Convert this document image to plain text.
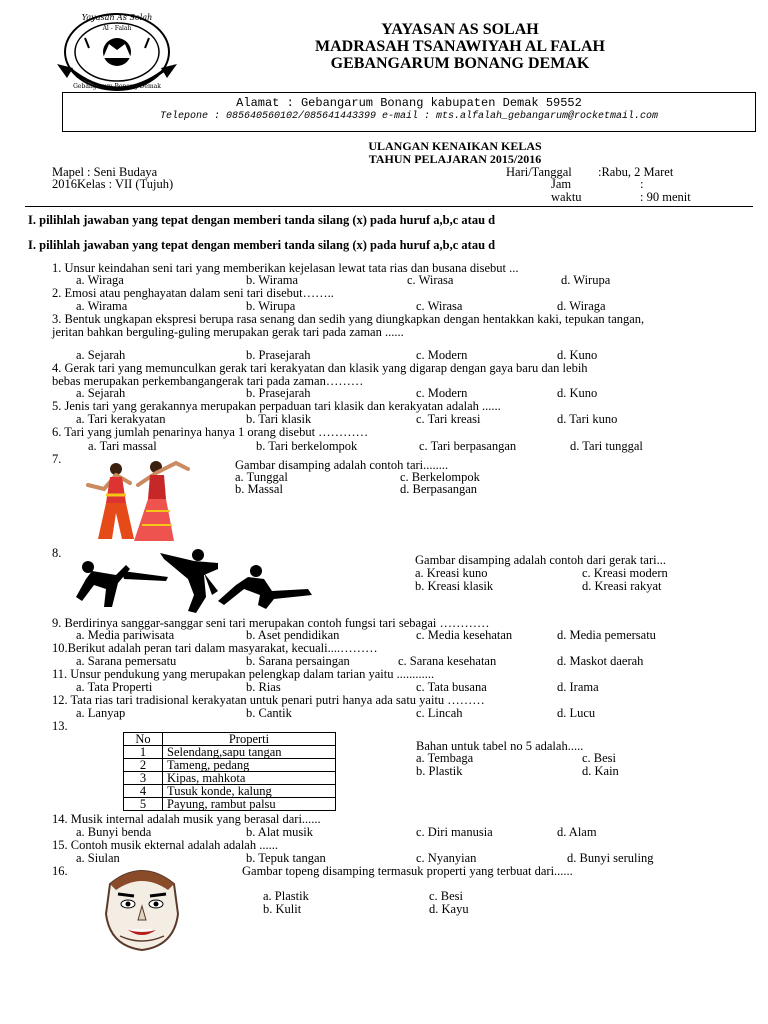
Yayasan As Solah
Al - Falah
Gebangarum Bonang Demak
YAYASAN AS SOLAH
MADRASAH TSANAWIYAH AL FALAH
GEBANGARUM BONANG DEMAK
Alamat : Gebangarum Bonang kabupaten Demak 59552
Telepone : 085640560102/085641443399 e-mail : mts.alfalah_gebangarum@rocketmail.com
ULANGAN KENAIKAN KELAS
TAHUN PELAJARAN 2015/2016
Mapel : Seni Budaya
2016Kelas : VII (Tujuh)
Hari/Tanggal :Rabu, 2 Maret
Jam	:
waktu	: 90 menit
I. pilihlah jawaban yang tepat dengan memberi tanda silang (x) pada huruf a,b,c atau d
I. pilihlah jawaban yang tepat dengan memberi tanda silang (x) pada huruf a,b,c atau d
1. Unsur keindahan seni tari yang memberikan kejelasan lewat tata rias dan busana disebut ...
a. Wiraga	b. Wirama	c. Wirasa	d. Wirupa
2. Emosi atau penghayatan dalam seni tari disebut……..
a. Wirama	b. Wirupa	c. Wirasa	d. Wiraga
3. Bentuk ungkapan ekspresi berupa rasa senang dan sedih yang diungkapkan dengan hentakkan kaki, tepukan tangan,
jeritan bahkan berguling-guling merupakan gerak tari pada zaman ......
a. Sejarah	b. Prasejarah	c. Modern	d. Kuno
4. Gerak tari yang memunculkan gerak tari kerakyatan dan klasik yang digarap dengan gaya baru dan lebih
bebas merupakan perkembangangerak tari pada zaman………
a. Sejarah	b. Prasejarah	c. Modern	d. Kuno
5. Jenis tari yang gerakannya merupakan perpaduan tari klasik dan kerakyatan adalah ......
a. Tari kerakyatan	b. Tari klasik	c. Tari kreasi	d. Tari kuno
6. Tari yang jumlah penarinya hanya 1 orang disebut …………
a. Tari massal	b. Tari berkelompok	c. Tari berpasangan	d. Tari tunggal
7.	Gambar disamping adalah contoh tari........
a. Tunggal
b. Massal
c. Berkelompok
d. Berpasangan
8.	Gambar disamping adalah contoh dari gerak tari...
a. Kreasi kuno
b. Kreasi klasik
c. Kreasi modern
d. Kreasi rakyat
9. Berdirinya sanggar-sanggar seni tari merupakan contoh fungsi tari sebagai …………
a. Media pariwisata	b. Aset pendidikan	c. Media kesehatan	d. Media pemersatu
10.Berikut adalah peran tari dalam masyarakat, kecuali....………
a. Sarana pemersatu	b. Sarana persaingan	c. Sarana kesehatan	d. Maskot daerah
11. Unsur pendukung yang merupakan pelengkap dalam tarian yaitu ............
a. Tata Properti	b. Rias	c. Tata busana	d. Irama
12. Tata rias tari tradisional kerakyatan untuk penari putri hanya ada satu yaitu ………
a. Lanyap	b. Cantik	c. Lincah	d. Lucu
13.
No	Properti
1	Selendang,sapu tangan
2	Tameng, pedang
3	Kipas, mahkota
4	Tusuk konde, kalung
5	Payung, rambut palsu
Bahan untuk tabel no 5 adalah.....
a. Tembaga
b. Plastik
c. Besi
d. Kain
14. Musik internal adalah musik yang berasal dari......
a. Bunyi benda	b. Alat musik	c. Diri manusia	d. Alam
15. Contoh musik ekternal adalah adalah ......
a. Siulan	b. Tepuk tangan	c. Nyanyian	d. Bunyi seruling
16.	Gambar topeng disamping termasuk properti yang terbuat dari......
a. Plastik
b. Kulit
c. Besi
d. Kayu
